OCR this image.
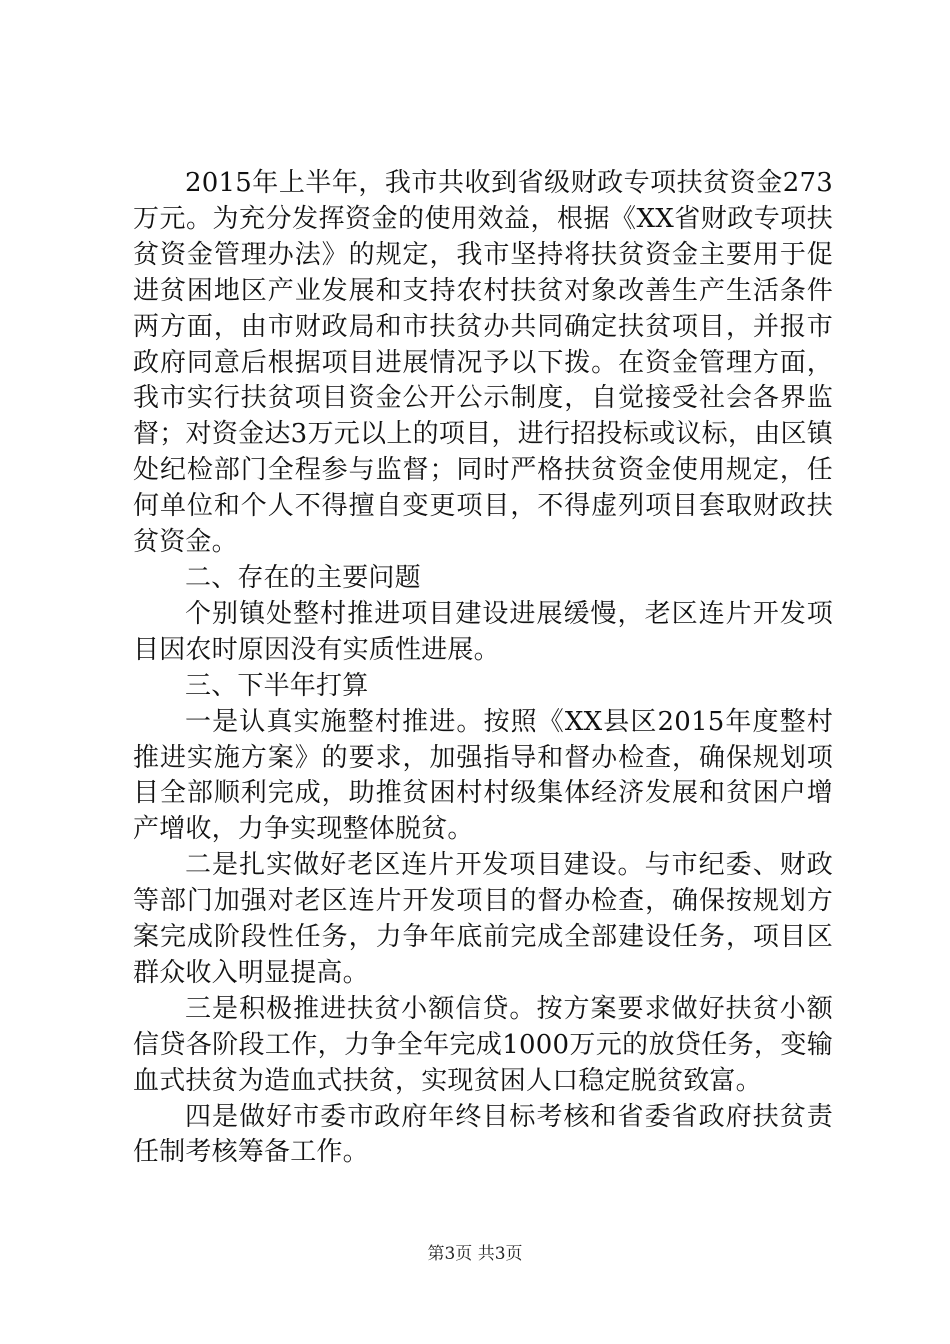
2015年上半年，我市共收到省级财政专项扶贫资金273万元。为充分发挥资金的使用效益，根据《XX省财政专项扶贫资金管理办法》的规定，我市坚持将扶贫资金主要用于促进贫困地区产业发展和支持农村扶贫对象改善生产生活条件两方面，由市财政局和市扶贫办共同确定扶贫项目，并报市政府同意后根据项目进展情况予以下拨。在资金管理方面，我市实行扶贫项目资金公开公示制度，自觉接受社会各界监督；对资金达3万元以上的项目，进行招投标或议标，由区镇处纪检部门全程参与监督；同时严格扶贫资金使用规定，任何单位和个人不得擅自变更项目，不得虚列项目套取财政扶贫资金。

二、存在的主要问题

个别镇处整村推进项目建设进展缓慢，老区连片开发项目因农时原因没有实质性进展。

三、下半年打算

一是认真实施整村推进。按照《XX县区2015年度整村推进实施方案》的要求，加强指导和督办检查，确保规划项目全部顺利完成，助推贫困村村级集体经济发展和贫困户增产增收，力争实现整体脱贫。

二是扎实做好老区连片开发项目建设。与市纪委、财政等部门加强对老区连片开发项目的督办检查，确保按规划方案完成阶段性任务，力争年底前完成全部建设任务，项目区群众收入明显提高。

三是积极推进扶贫小额信贷。按方案要求做好扶贫小额信贷各阶段工作，力争全年完成1000万元的放贷任务，变输血式扶贫为造血式扶贫，实现贫困人口稳定脱贫致富。

四是做好市委市政府年终目标考核和省委省政府扶贫责任制考核筹备工作。

第3页 共3页
